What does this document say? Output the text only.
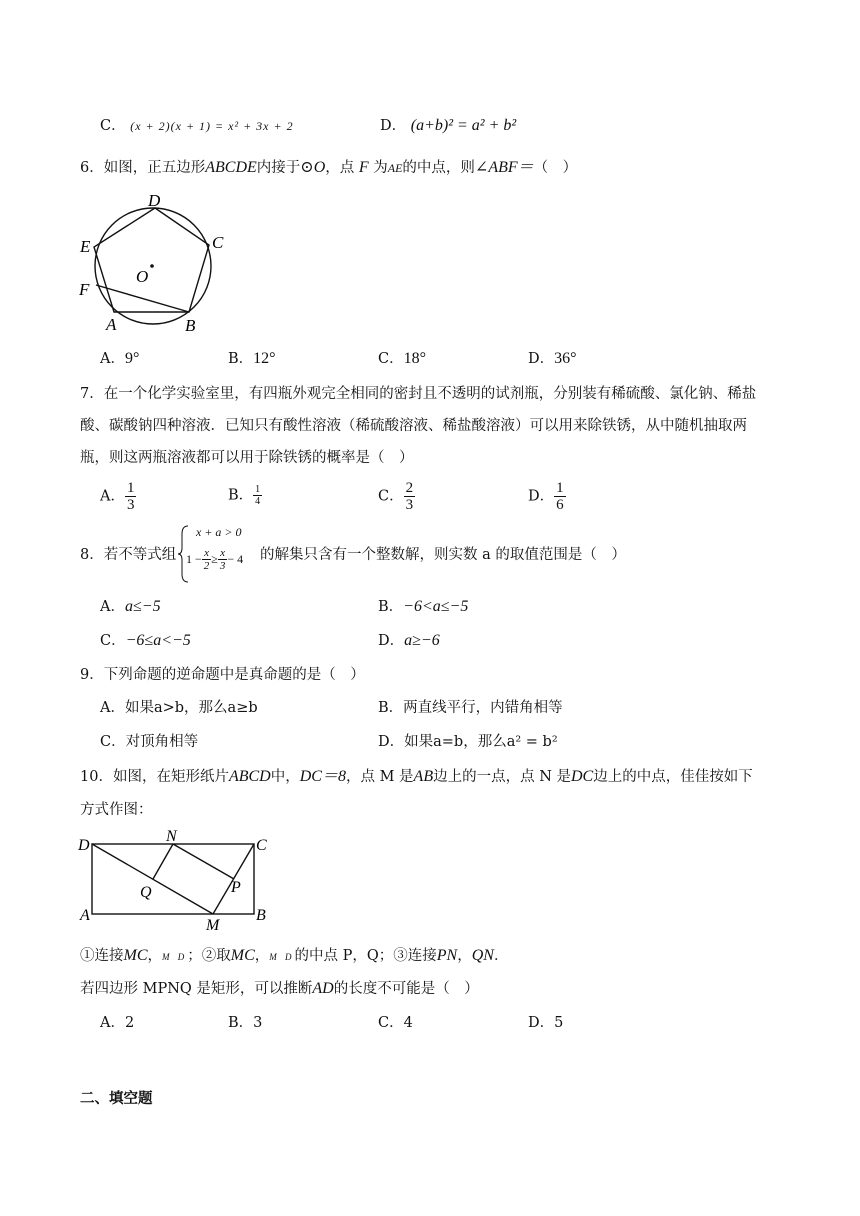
C． (x + 2)(x + 1) = x² + 3x + 2	D． (a+b)² = a² + b²
6．如图，正五边形ABCDE内接于⊙O，点 F 为AE的中点，则∠ABF＝（　）
D
C
E
O
F
A	B
A．9°	B．12°	C．18°	D．36°
7．在一个化学实验室里，有四瓶外观完全相同的密封且不透明的试剂瓶，分别装有稀硫酸、氯化钠、稀盐
酸、碳酸钠四种溶液．已知只有酸性溶液（稀硫酸溶液、稀盐酸溶液）可以用来除铁锈，从中随机抽取两
瓶，则这两瓶溶液都可以用于除铁锈的概率是（　）
A． $\frac{1}{3}$	B． $\frac{1}{4}$	C． $\frac{2}{3}$	D． $\frac{1}{6}$
8．若不等式组
x + a > 0
$1 - \frac{x}{2} \ge \frac{x}{3} - 4$ 的解集只含有一个整数解，则实数 a 的取值范围是（　）
A．a≤−5	B．−6<a≤−5
C．−6≤a<−5	D．a≥−6
9．下列命题的逆命题中是真命题的是（　）
A．如果a>b，那么a≥b	B．两直线平行，内错角相等
C．对顶角相等	D．如果a=b，那么a² = b²
10．如图，在矩形纸片ABCD中，DC＝8，点 M 是AB边上的一点，点 N 是DC边上的中点，佳佳按如下
方式作图：
D
N
C
Q	P
A
M
B
①连接MC，M D；②取MC，M D的中点 P，Q；③连接PN，QN．
若四边形 MPNQ 是矩形，可以推断AD的长度不可能是（　）
A．2	B．3	C．4	D．5
二、填空题
